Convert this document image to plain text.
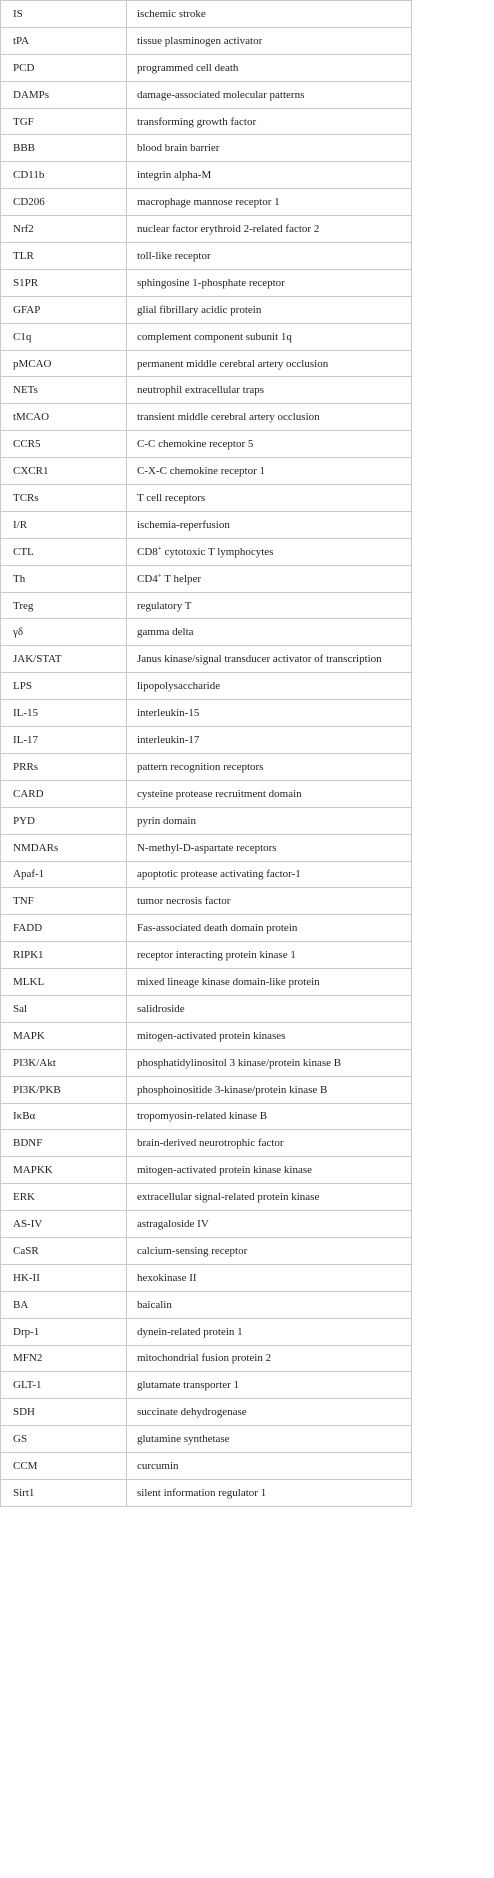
IS	ischemic stroke
tPA	tissue plasminogen activator
PCD	programmed cell death
DAMPs	damage-associated molecular patterns
TGF	transforming growth factor
BBB	blood brain barrier
CD11b	integrin alpha-M
CD206	macrophage mannose receptor 1
Nrf2	nuclear factor erythroid 2-related factor 2
TLR	toll-like receptor
S1PR	sphingosine 1-phosphate receptor
GFAP	glial fibrillary acidic protein
C1q	complement component subunit 1q
pMCAO	permanent middle cerebral artery occlusion
NETs	neutrophil extracellular traps
tMCAO	transient middle cerebral artery occlusion
CCR5	C-C chemokine receptor 5
CXCR1	C-X-C chemokine receptor 1
TCRs	T cell receptors
I/R	ischemia-reperfusion
CTL	CD8+ cytotoxic T lymphocytes
Th	CD4+ T helper
Treg	regulatory T
γδ	gamma delta
JAK/STAT	Janus kinase/signal transducer activator of transcription
LPS	lipopolysaccharide
IL-15	interleukin-15
IL-17	interleukin-17
PRRs	pattern recognition receptors
CARD	cysteine protease recruitment domain
PYD	pyrin domain
NMDARs	N-methyl-D-aspartate receptors
Apaf-1	apoptotic protease activating factor-1
TNF	tumor necrosis factor
FADD	Fas-associated death domain protein
RIPK1	receptor interacting protein kinase 1
MLKL	mixed lineage kinase domain-like protein
Sal	salidroside
MAPK	mitogen-activated protein kinases
PI3K/Akt	phosphatidylinositol 3 kinase/protein kinase B
PI3K/PKB	phosphoinositide 3-kinase/protein kinase B
IκBα	tropomyosin-related kinase B
BDNF	brain-derived neurotrophic factor
MAPKK	mitogen-activated protein kinase kinase
ERK	extracellular signal-related protein kinase
AS-IV	astragaloside IV
CaSR	calcium-sensing receptor
HK-II	hexokinase II
BA	baicalin
Drp-1	dynein-related protein 1
MFN2	mitochondrial fusion protein 2
GLT-1	glutamate transporter 1
SDH	succinate dehydrogenase
GS	glutamine synthetase
CCM	curcumin
Sirt1	silent information regulator 1
